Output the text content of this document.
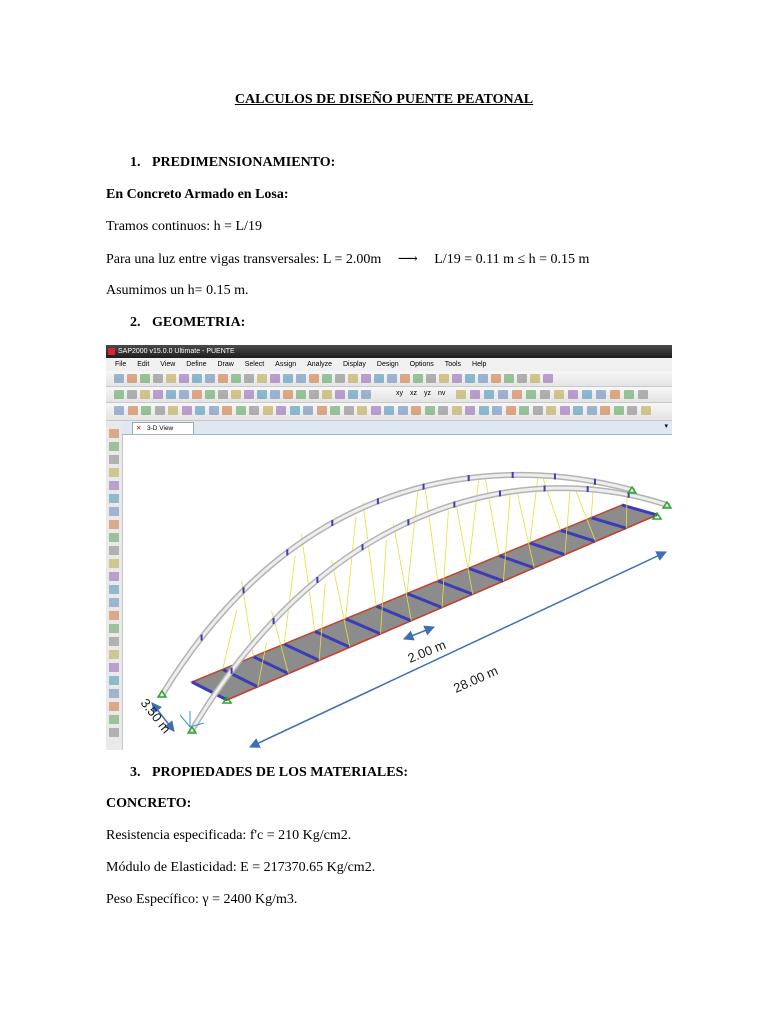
CALCULOS DE DISEÑO PUENTE PEATONAL
1. PREDIMENSIONAMIENTO:
En Concreto Armado en Losa:
Tramos continuos: h = L/19
Para una luz entre vigas transversales: L = 2.00m ⟶ L/19 = 0.11 m ≤ h = 0.15 m
Asumimos un h= 0.15 m.
2. GEOMETRIA:
SAP2000 v15.0.0 Ultimate - PUENTE
File Edit View Define Draw Select Assign Analyze Display Design Options Tools Help
xy xz yz nv
✕ 3-D View	▾
2.00 m
28.00 m
3.50 m
3. PROPIEDADES DE LOS MATERIALES:
CONCRETO:
Resistencia especificada: f'c = 210 Kg/cm2.
Módulo de Elasticidad: E = 217370.65 Kg/cm2.
Peso Específico: γ = 2400 Kg/m3.
